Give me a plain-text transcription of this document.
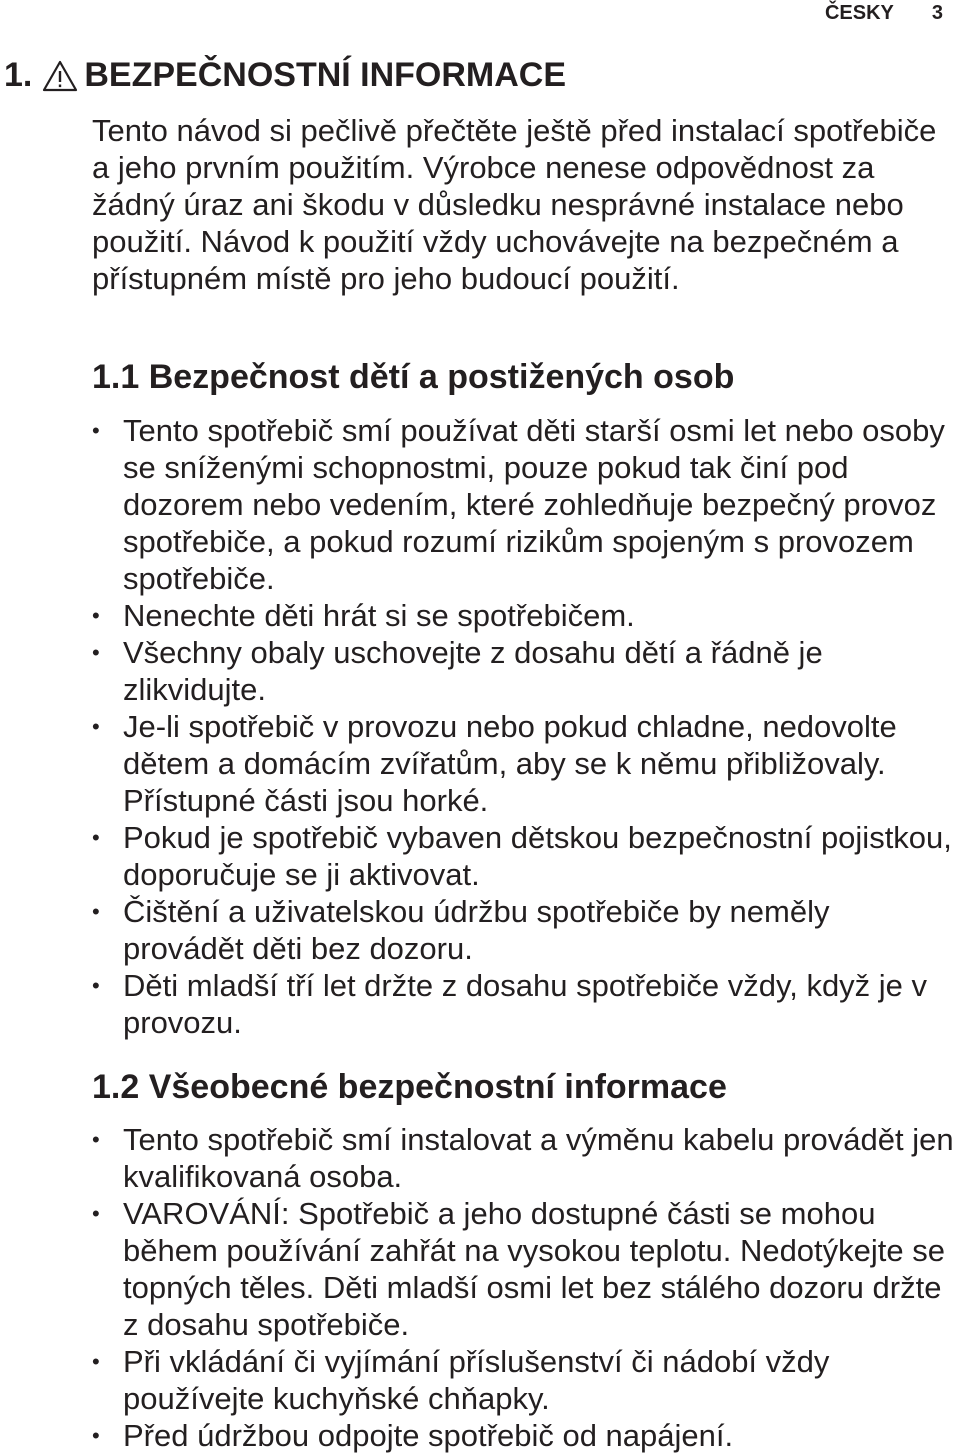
ČESKY 3
1. BEZPEČNOSTNÍ INFORMACE

Tento návod si pečlivě přečtěte ještě před instalací spotřebiče a jeho prvním použitím. Výrobce nenese odpovědnost za žádný úraz ani škodu v důsledku nesprávné instalace nebo použití. Návod k použití vždy uchovávejte na bezpečném a přístupném místě pro jeho budoucí použití.

1.1 Bezpečnost dětí a postižených osob
• Tento spotřebič smí používat děti starší osmi let nebo osoby se sníženými schopnostmi, pouze pokud tak činí pod dozorem nebo vedením, které zohledňuje bezpečný provoz spotřebiče, a pokud rozumí rizikům spojeným s provozem spotřebiče.
• Nenechte děti hrát si se spotřebičem.
• Všechny obaly uschovejte z dosahu dětí a řádně je zlikvidujte.
• Je-li spotřebič v provozu nebo pokud chladne, nedovolte dětem a domácím zvířatům, aby se k němu přibližovaly. Přístupné části jsou horké.
• Pokud je spotřebič vybaven dětskou bezpečnostní pojistkou, doporučuje se ji aktivovat.
• Čištění a uživatelskou údržbu spotřebiče by neměly provádět děti bez dozoru.
• Děti mladší tří let držte z dosahu spotřebiče vždy, když je v provozu.
1.2 Všeobecné bezpečnostní informace
• Tento spotřebič smí instalovat a výměnu kabelu provádět jen kvalifikovaná osoba.
• VAROVÁNÍ: Spotřebič a jeho dostupné části se mohou během používání zahřát na vysokou teplotu. Nedotýkejte se topných těles. Děti mladší osmi let bez stálého dozoru držte z dosahu spotřebiče.
• Při vkládání či vyjímání příslušenství či nádobí vždy používejte kuchyňské chňapky.
• Před údržbou odpojte spotřebič od napájení.
